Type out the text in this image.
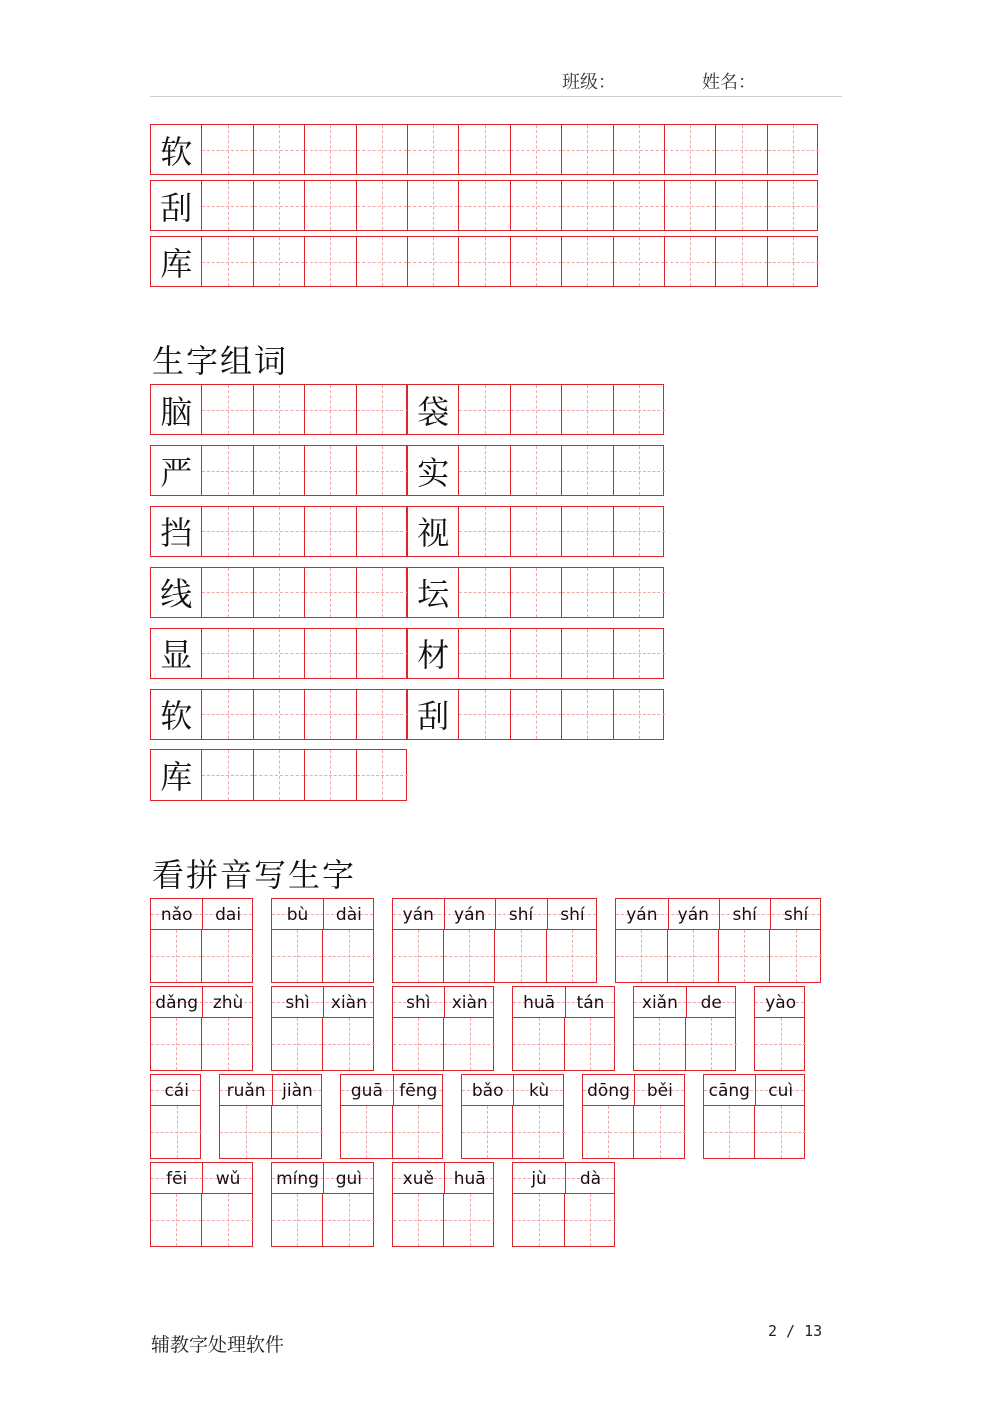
班级：	姓名：
软
刮
库
生字组词
脑	袋
严	实
挡	视
线	坛
显	材
软	刮
库
看拼音写生字
nǎo	dai	bù	dài	yán	yán	shí	shí	yán	yán	shí	shí
dǎng zhù	shì	xiàn	shì	xiàn	huā	tán	xiǎn	de	yào
cái	ruǎn jiàn	guā fēng	bǎo	kù	dōng	běi	cāng	cuì
fēi	wǔ	míng guì	xuě	huā	jù	dà
辅教字处理软件
2 / 13
